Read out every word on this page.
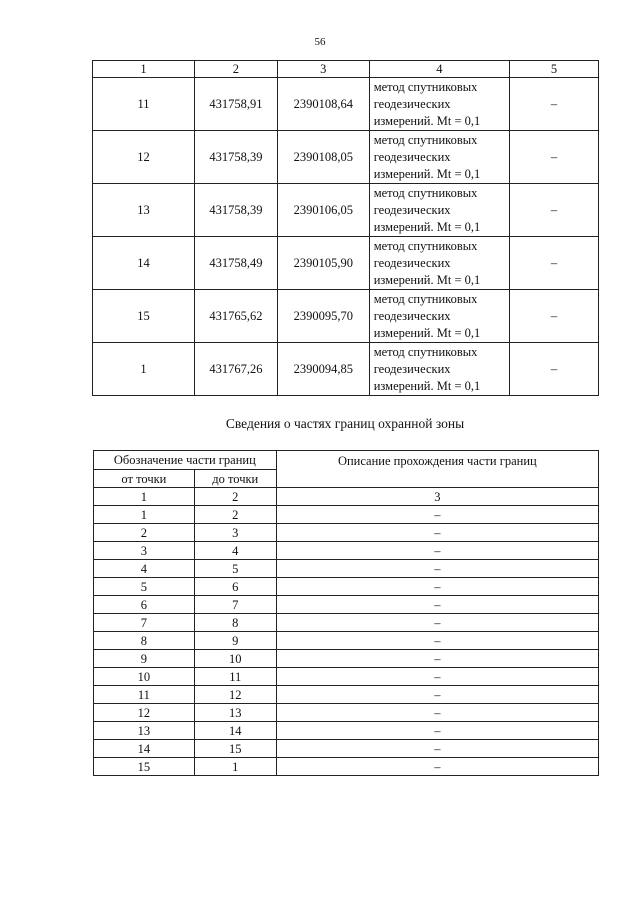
56
1	2	3	4	5
11	431758,91	2390108,64	метод спутниковых
геодезических
измерений. Mt = 0,1	–
12	431758,39	2390108,05	метод спутниковых
геодезических
измерений. Mt = 0,1	–
13	431758,39	2390106,05	метод спутниковых
геодезических
измерений. Mt = 0,1	–
14	431758,49	2390105,90	метод спутниковых
геодезических
измерений. Mt = 0,1	–
15	431765,62	2390095,70	метод спутниковых
геодезических
измерений. Mt = 0,1	–
1	431767,26	2390094,85	метод спутниковых
геодезических
измерений. Mt = 0,1	–
Сведения о частях границ охранной зоны
Обозначение части границ		Описание прохождения части границ
от точки	до точки	
1	2	3
1	2	–
2	3	–
3	4	–
4	5	–
5	6	–
6	7	–
7	8	–
8	9	–
9	10	–
10	11	–
11	12	–
12	13	–
13	14	–
14	15	–
15	1	–
